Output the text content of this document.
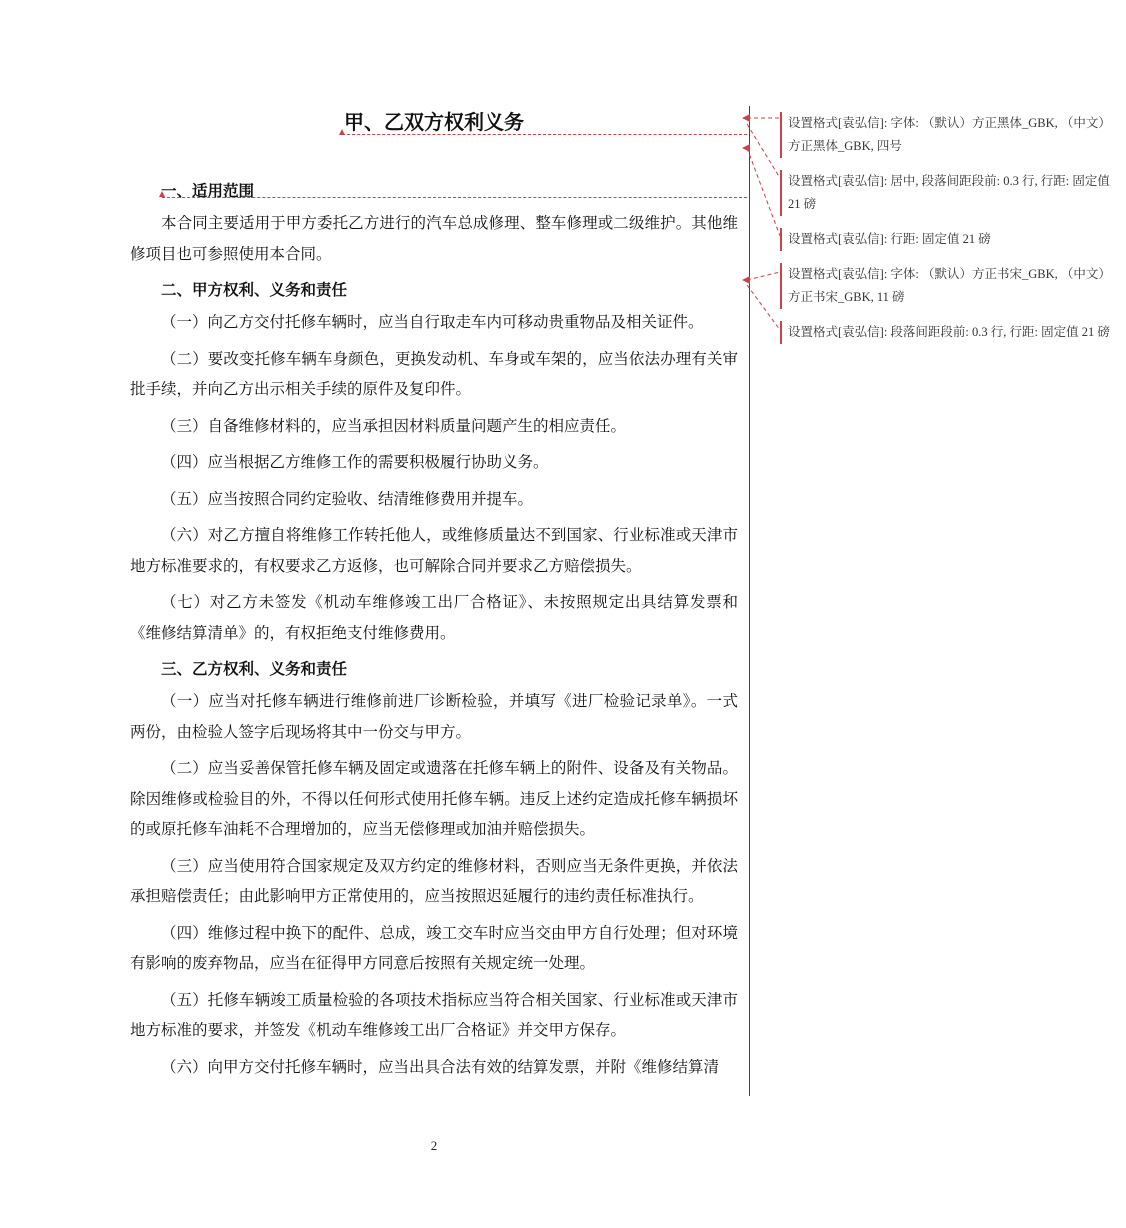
甲、乙双方权利义务
一、适用范围
本合同主要适用于甲方委托乙方进行的汽车总成修理、整车修理或二级维护。其他维修项目也可参照使用本合同。
二、甲方权利、义务和责任
（一）向乙方交付托修车辆时，应当自行取走车内可移动贵重物品及相关证件。
（二）要改变托修车辆车身颜色，更换发动机、车身或车架的，应当依法办理有关审批手续，并向乙方出示相关手续的原件及复印件。
（三）自备维修材料的，应当承担因材料质量问题产生的相应责任。
（四）应当根据乙方维修工作的需要积极履行协助义务。
（五）应当按照合同约定验收、结清维修费用并提车。
（六）对乙方擅自将维修工作转托他人，或维修质量达不到国家、行业标准或天津市地方标准要求的，有权要求乙方返修，也可解除合同并要求乙方赔偿损失。
（七）对乙方未签发《机动车维修竣工出厂合格证》、未按照规定出具结算发票和《维修结算清单》的，有权拒绝支付维修费用。
三、乙方权利、义务和责任
（一）应当对托修车辆进行维修前进厂诊断检验，并填写《进厂检验记录单》。一式两份，由检验人签字后现场将其中一份交与甲方。
（二）应当妥善保管托修车辆及固定或遗落在托修车辆上的附件、设备及有关物品。除因维修或检验目的外，不得以任何形式使用托修车辆。违反上述约定造成托修车辆损坏的或原托修车油耗不合理增加的，应当无偿修理或加油并赔偿损失。
（三）应当使用符合国家规定及双方约定的维修材料，否则应当无条件更换，并依法承担赔偿责任；由此影响甲方正常使用的，应当按照迟延履行的违约责任标准执行。
（四）维修过程中换下的配件、总成，竣工交车时应当交由甲方自行处理；但对环境有影响的废弃物品，应当在征得甲方同意后按照有关规定统一处理。
（五）托修车辆竣工质量检验的各项技术指标应当符合相关国家、行业标准或天津市地方标准的要求，并签发《机动车维修竣工出厂合格证》并交甲方保存。
（六）向甲方交付托修车辆时，应当出具合法有效的结算发票，并附《维修结算清
设置格式[袁弘信]: 字体: （默认）方正黑体_GBK, （中文）方正黑体_GBK, 四号
设置格式[袁弘信]: 居中, 段落间距段前: 0.3 行, 行距: 固定值 21 磅
设置格式[袁弘信]: 行距: 固定值 21 磅
设置格式[袁弘信]: 字体: （默认）方正书宋_GBK, （中文）方正书宋_GBK, 11 磅
设置格式[袁弘信]: 段落间距段前: 0.3 行, 行距: 固定值 21 磅
2
